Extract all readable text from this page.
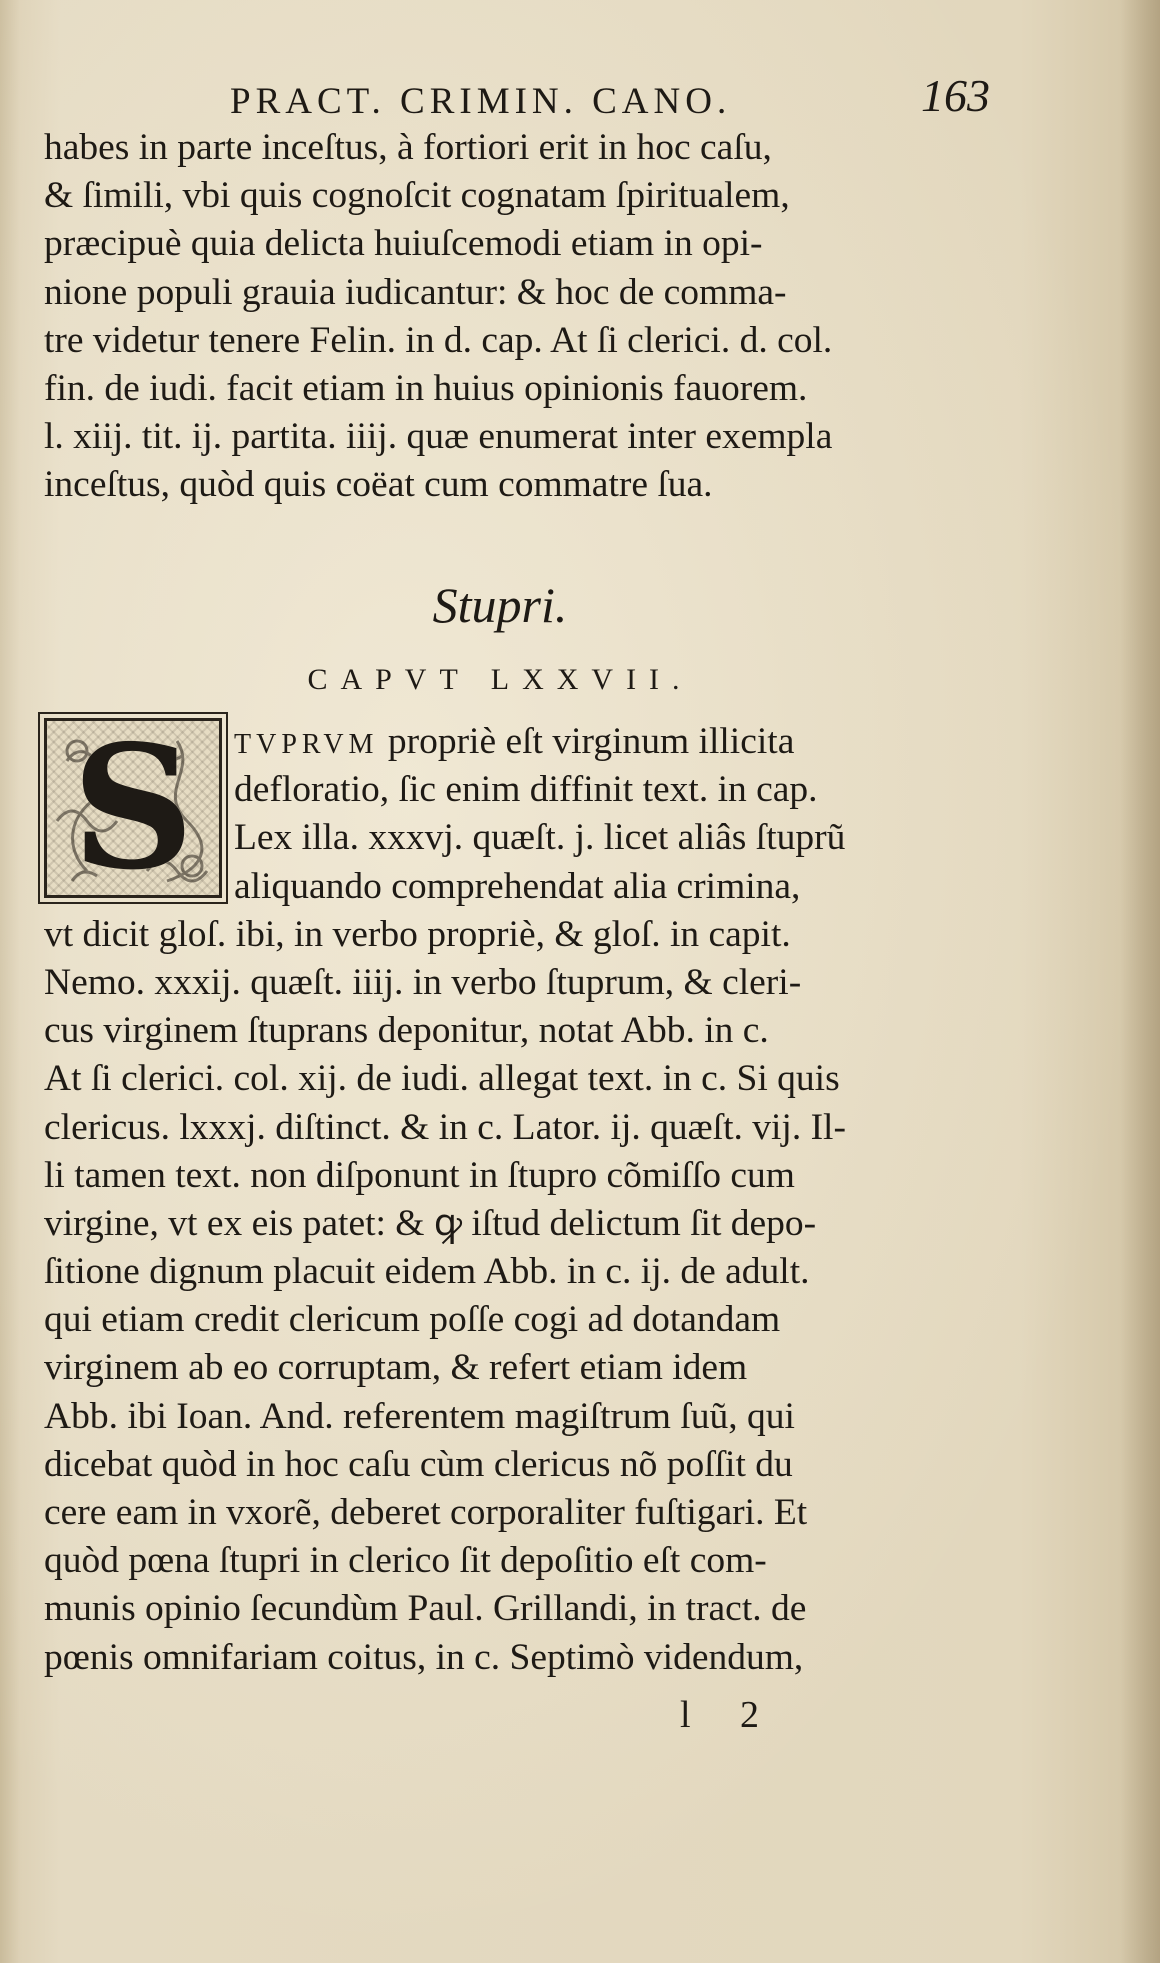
PRACT. CRIMIN. CANO.	163
habes in parte inceſtus, à fortiori erit in hoc caſu,
& ſimili, vbi quis cognoſcit cognatam ſpiritualem,
præcipuè quia delicta huiuſcemodi etiam in opi-
nione populi grauia iudicantur: & hoc de comma-
tre videtur tenere Felin. in d. cap. At ſi clerici. d. col.
fin. de iudi. facit etiam in huius opinionis fauorem.
l. xiij. tit. ij. partita. iiij. quæ enumerat inter exempla
inceſtus, quòd quis coëat cum commatre ſua.
Stupri.
CAPVT LXXVII.
S	TVPRVM propriè eſt virginum illicita
defloratio, ſic enim diffinit text. in cap.
Lex illa. xxxvj. quæſt. j. licet aliâs ſtuprũ
aliquando comprehendat alia crimina,
vt dicit gloſ. ibi, in verbo propriè, & gloſ. in capit.
Nemo. xxxij. quæſt. iiij. in verbo ſtuprum, & cleri-
cus virginem ſtuprans deponitur, notat Abb. in c.
At ſi clerici. col. xij. de iudi. allegat text. in c. Si quis
clericus. lxxxj. diſtinct. & in c. Lator. ij. quæſt. vij. Il-
li tamen text. non diſponunt in ſtupro cõmiſſo cum
virgine, vt ex eis patet: & ꝙ iſtud delictum ſit depo-
ſitione dignum placuit eidem Abb. in c. ij. de adult.
qui etiam credit clericum poſſe cogi ad dotandam
virginem ab eo corruptam, & refert etiam idem
Abb. ibi Ioan. And. referentem magiſtrum ſuũ, qui
dicebat quòd in hoc caſu cùm clericus nõ poſſit du
cere eam in vxorẽ, deberet corporaliter fuſtigari. Et
quòd pœna ſtupri in clerico ſit depoſitio eſt com-
munis opinio ſecundùm Paul. Grillandi, in tract. de
pœnis omnifariam coitus, in c. Septimò videndum,
l 2
